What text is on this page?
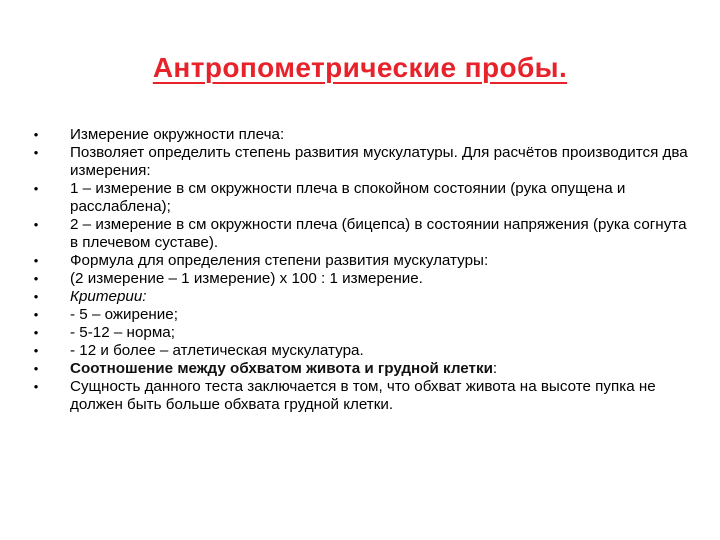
Антропометрические пробы.
• Измерение окружности плеча:
• Позволяет определить степень развития мускулатуры. Для расчётов производится два измерения:
• 1 – измерение в см окружности плеча в спокойном состоянии (рука опущена и расслаблена);
• 2 – измерение в см окружности плеча (бицепса) в состоянии напряжения (рука согнута в плечевом суставе).
• Формула для определения степени развития мускулатуры:
• (2 измерение – 1 измерение) х 100 : 1 измерение.
• Критерии:
• - 5 – ожирение;
• - 5-12 – норма;
• - 12 и более – атлетическая мускулатура.
• Соотношение между обхватом живота и грудной клетки:
• Сущность данного теста заключается в том, что обхват живота на высоте пупка не должен быть больше обхвата грудной клетки.
